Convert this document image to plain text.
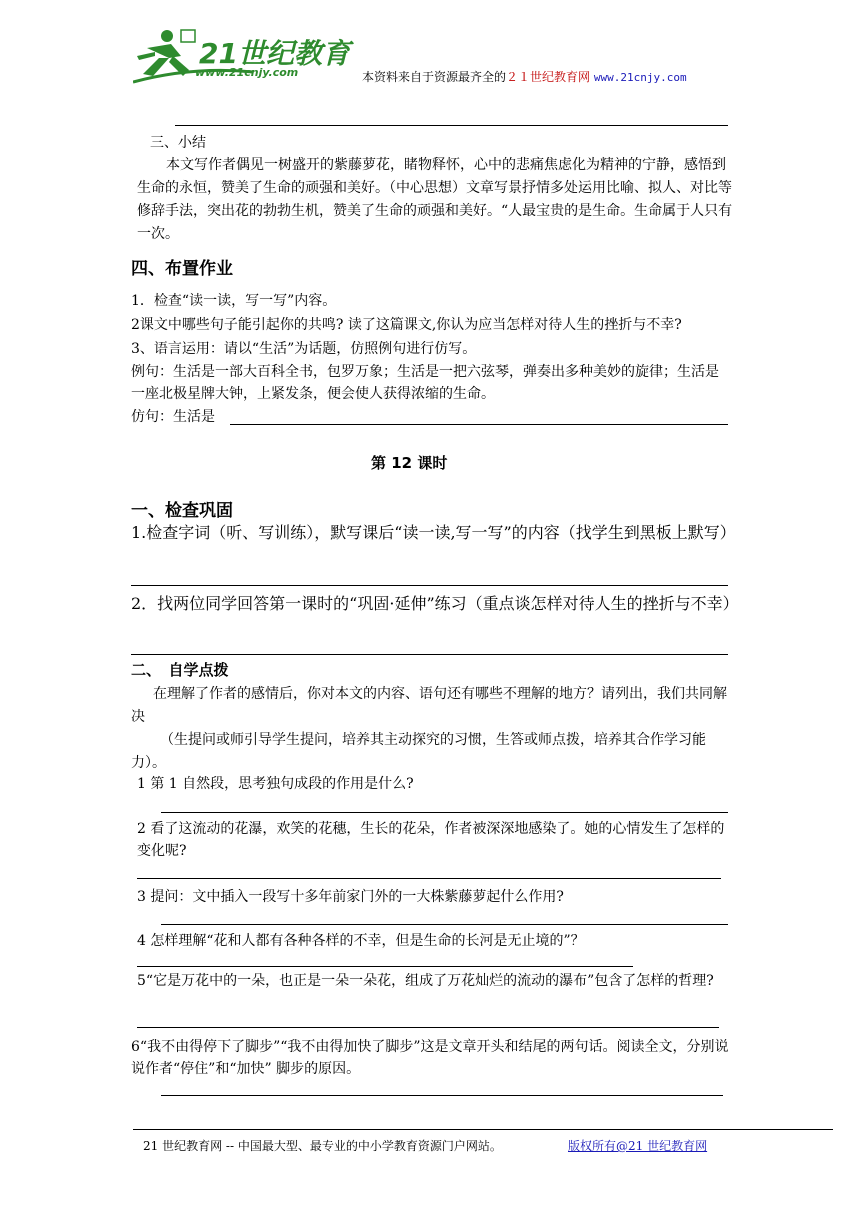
21世纪教育
www.21cnjy.com	本资料来自于资源最齐全的２１世纪教育网 www.21cnjy.com
三、小结
本文写作者偶见一树盛开的紫藤萝花，睹物释怀，心中的悲痛焦虑化为精神的宁静，感悟到生命的永恒，赞美了生命的顽强和美好。（中心思想）文章写景抒情多处运用比喻、拟人、对比等修辞手法，突出花的勃勃生机，赞美了生命的顽强和美好。“人最宝贵的是生命。生命属于人只有一次。
四、布置作业
1．检查“读一读，写一写”内容。
2课文中哪些句子能引起你的共鸣? 读了这篇课文,你认为应当怎样对待人生的挫折与不幸?
3、语言运用：请以“生活”为话题，仿照例句进行仿写。
例句：生活是一部大百科全书，包罗万象；生活是一把六弦琴，弹奏出多种美妙的旋律；生活是一座北极星牌大钟，上紧发条，便会使人获得浓缩的生命。
仿句：生活是
第 12 课时
一、检查巩固
1.检查字词（听、写训练），默写课后“读一读,写一写”的内容（找学生到黑板上默写）
2．找两位同学回答第一课时的“巩固·延伸”练习（重点谈怎样对待人生的挫折与不幸）
二、　自学点拨
在理解了作者的感情后，你对本文的内容、语句还有哪些不理解的地方？请列出，我们共同解决
（生提问或师引导学生提问，培养其主动探究的习惯，生答或师点拨，培养其合作学习能力）。
1 第 1 自然段，思考独句成段的作用是什么?
2 看了这流动的花瀑，欢笑的花穗，生长的花朵，作者被深深地感染了。她的心情发生了怎样的变化呢?
3 提问：文中插入一段写十多年前家门外的一大株紫藤萝起什么作用?
4 怎样理解“花和人都有各种各样的不幸，但是生命的长河是无止境的”？
5“它是万花中的一朵，也正是一朵一朵花，组成了万花灿烂的流动的瀑布”包含了怎样的哲理?
6“我不由得停下了脚步”“我不由得加快了脚步”这是文章开头和结尾的两句话。阅读全文，分别说说作者“停住”和“加快” 脚步的原因。
21 世纪教育网 -- 中国最大型、最专业的中小学教育资源门户网站。	版权所有@21 世纪教育网
